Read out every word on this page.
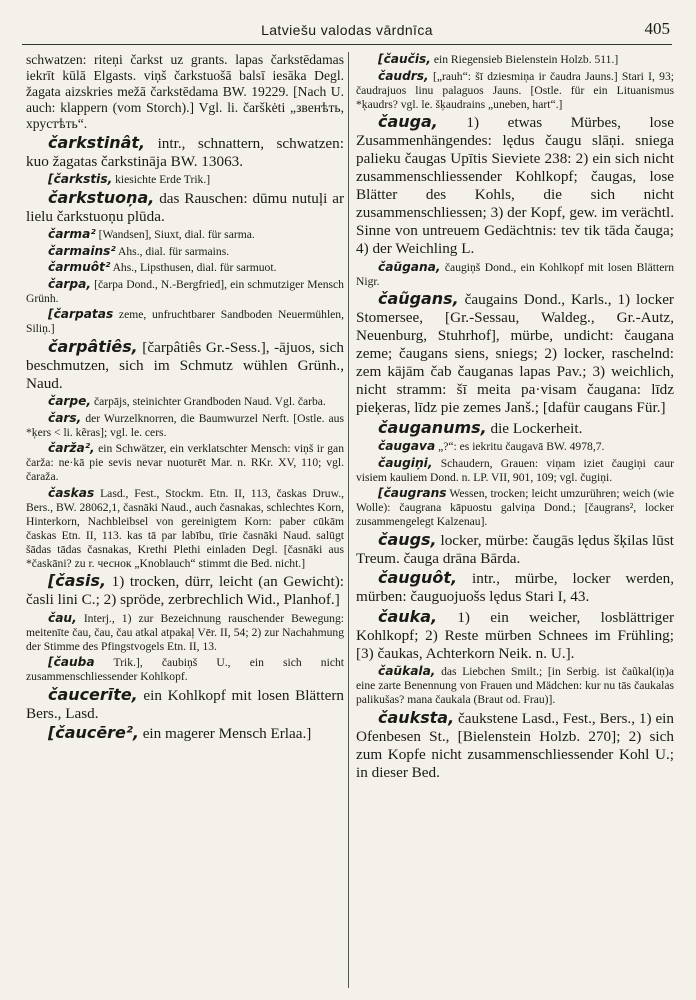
Latviešu valodas vārdnīca	405

schwatzen: riteņi čarkst uz grants. lapas čarkstēdamas iekrīt kūlā Elgasts. viņš čarkstuošā balsī iesāka Degl. žagata aizskries mežā čarkstēdama BW. 19229. [Nach U. auch: klappern (vom Storch).] Vgl. li. čarškėti „звенѣть, хрустѣть“.

čarkstinât, intr., schnattern, schwatzen: kuo žagatas čarkstināja BW. 13063.

[čarkstis, kiesichte Erde Trik.]

čarkstuoņa, das Rauschen: dūmu nutuļi ar lielu čarkstuoņu plūda.

čarma² [Wandsen], Siuxt, dial. für sarma.

čarmains² Ahs., dial. für sarmains.

čarmuôt² Ahs., Lipsthusen, dial. für sarmuot.

čarpa, [čarpa Dond., N.-Bergfried], ein schmutziger Mensch Grünh.

[čarpatas zeme, unfruchtbarer Sandboden Neuermühlen, Siliņ.]

čarpâtiês, [čarpâtiês Gr.-Sess.], -ājuos, sich beschmutzen, sich im Schmutz wühlen Grünh., Naud.

čarpe, čarpājs, steinichter Grandboden Naud. Vgl. čarba.

čars, der Wurzelknorren, die Baumwurzel Nerft. [Ostle. aus *ķers < li. kẽras]; vgl. le. cers.

čarža², ein Schwätzer, ein verklatschter Mensch: viņš ir gan čarža: ne·kā pie sevis nevar nuoturēt Mar. n. RKr. XV, 110; vgl. čaraža.

časkas Lasd., Fest., Stockm. Etn. II, 113, časkas Druw., Bers., BW. 28062,1, časnāki Naud., auch časnakas, schlechtes Korn, Hinterkorn, Nachbleibsel von gereinigtem Korn: paber cūkām časkas Etn. II, 113. kas tā par labību, tīrie časnāki Naud. salūgt šādas tādas časnakas, Krethi Plethi einladen Degl. [časnāki aus *časkāni? zu r. чеснок „Knoblauch“ stimmt die Bed. nicht.]

[časis, 1) trocken, dürr, leicht (an Gewicht): časli lini C.; 2) spröde, zerbrechlich Wid., Planhof.]

čau, Interj., 1) zur Bezeichnung rauschender Bewegung: meitenīte čau, čau, čau atkal atpakaļ Vēr. II, 54; 2) zur Nachahmung der Stimme des Pfingstvogels Etn. II, 13.

[čauba Trik.], čaubiņš U., ein sich nicht zusammenschliessender Kohlkopf.

čaucerīte, ein Kohlkopf mit losen Blättern Bers., Lasd.

[čaucēre², ein magerer Mensch Erlaa.]

[čaučis, ein Riegensieb Bielenstein Holzb. 511.]

čaudrs, [„rauh“: šī dziesmiņa ir čaudra Jauns.] Stari I, 93; čaudrajuos linu palaguos Jauns. [Ostle. für ein Lituanismus *ķaudrs? vgl. le. šķaudrains „uneben, hart“.]

čauga, 1) etwas Mürbes, lose Zusammenhängendes: lędus čaugu slāņi. sniega palieku čaugas Upītis Sieviete 238: 2) ein sich nicht zusammenschliessender Kohlkopf; čaugas, lose Blätter des Kohls, die sich nicht zusammenschliessen; 3) der Kopf, gew. im verächtl. Sinne von untreuem Gedächtnis: tev tik tāda čauga; 4) der Weichling L.

čaũgana, čaugiņš Dond., ein Kohlkopf mit losen Blättern Nigr.

čaũgans, čaugains Dond., Karls., 1) locker Stomersee, [Gr.-Sessau, Waldeg., Gr.-Autz, Neuenburg, Stuhrhof], mürbe, undicht: čaugana zeme; čaugans siens, sniegs; 2) locker, raschelnd: zem kājām čab čauganas lapas Pav.; 3) weichlich, nicht stramm: šī meita pa·visam čaugana: līdz pieķeras, līdz pie zemes Janš.; [dafür caugans Für.]

čauganums, die Lockerheit.

čaugava „?“: es iekritu čaugavā BW. 4978,7.

čaugiņi, Schaudern, Grauen: viņam iziet čaugiņi caur visiem kauliem Dond. n. LP. VII, 901, 109; vgl. čugiņi.

[čaugrans Wessen, trocken; leicht umzurühren; weich (wie Wolle): čaugrana kāpuostu galviņa Dond.; [čaugrans², locker zusammengelegt Kalzenau].

čaugs, locker, mürbe: čaugās lędus šķilas lūst Treum. čauga drāna Bārda.

čauguôt, intr., mürbe, locker werden, mürben: čauguojuošs lędus Stari I, 43.

čauka, 1) ein weicher, losblättriger Kohlkopf; 2) Reste mürben Schnees im Frühling; [3) čaukas, Achterkorn Neik. n. U.].

čaũkala, das Liebchen Smilt.; [in Serbig. ist čaũkal(iņ)a eine zarte Benennung von Frauen und Mädchen: kur nu tās čaukalas palikušas? mana čaukala (Braut od. Frau)].

čauksta, čaukstene Lasd., Fest., Bers., 1) ein Ofenbesen St., [Bielenstein Holzb. 270]; 2) sich zum Kopfe nicht zusammenschliessender Kohl U.; in dieser Bed.
